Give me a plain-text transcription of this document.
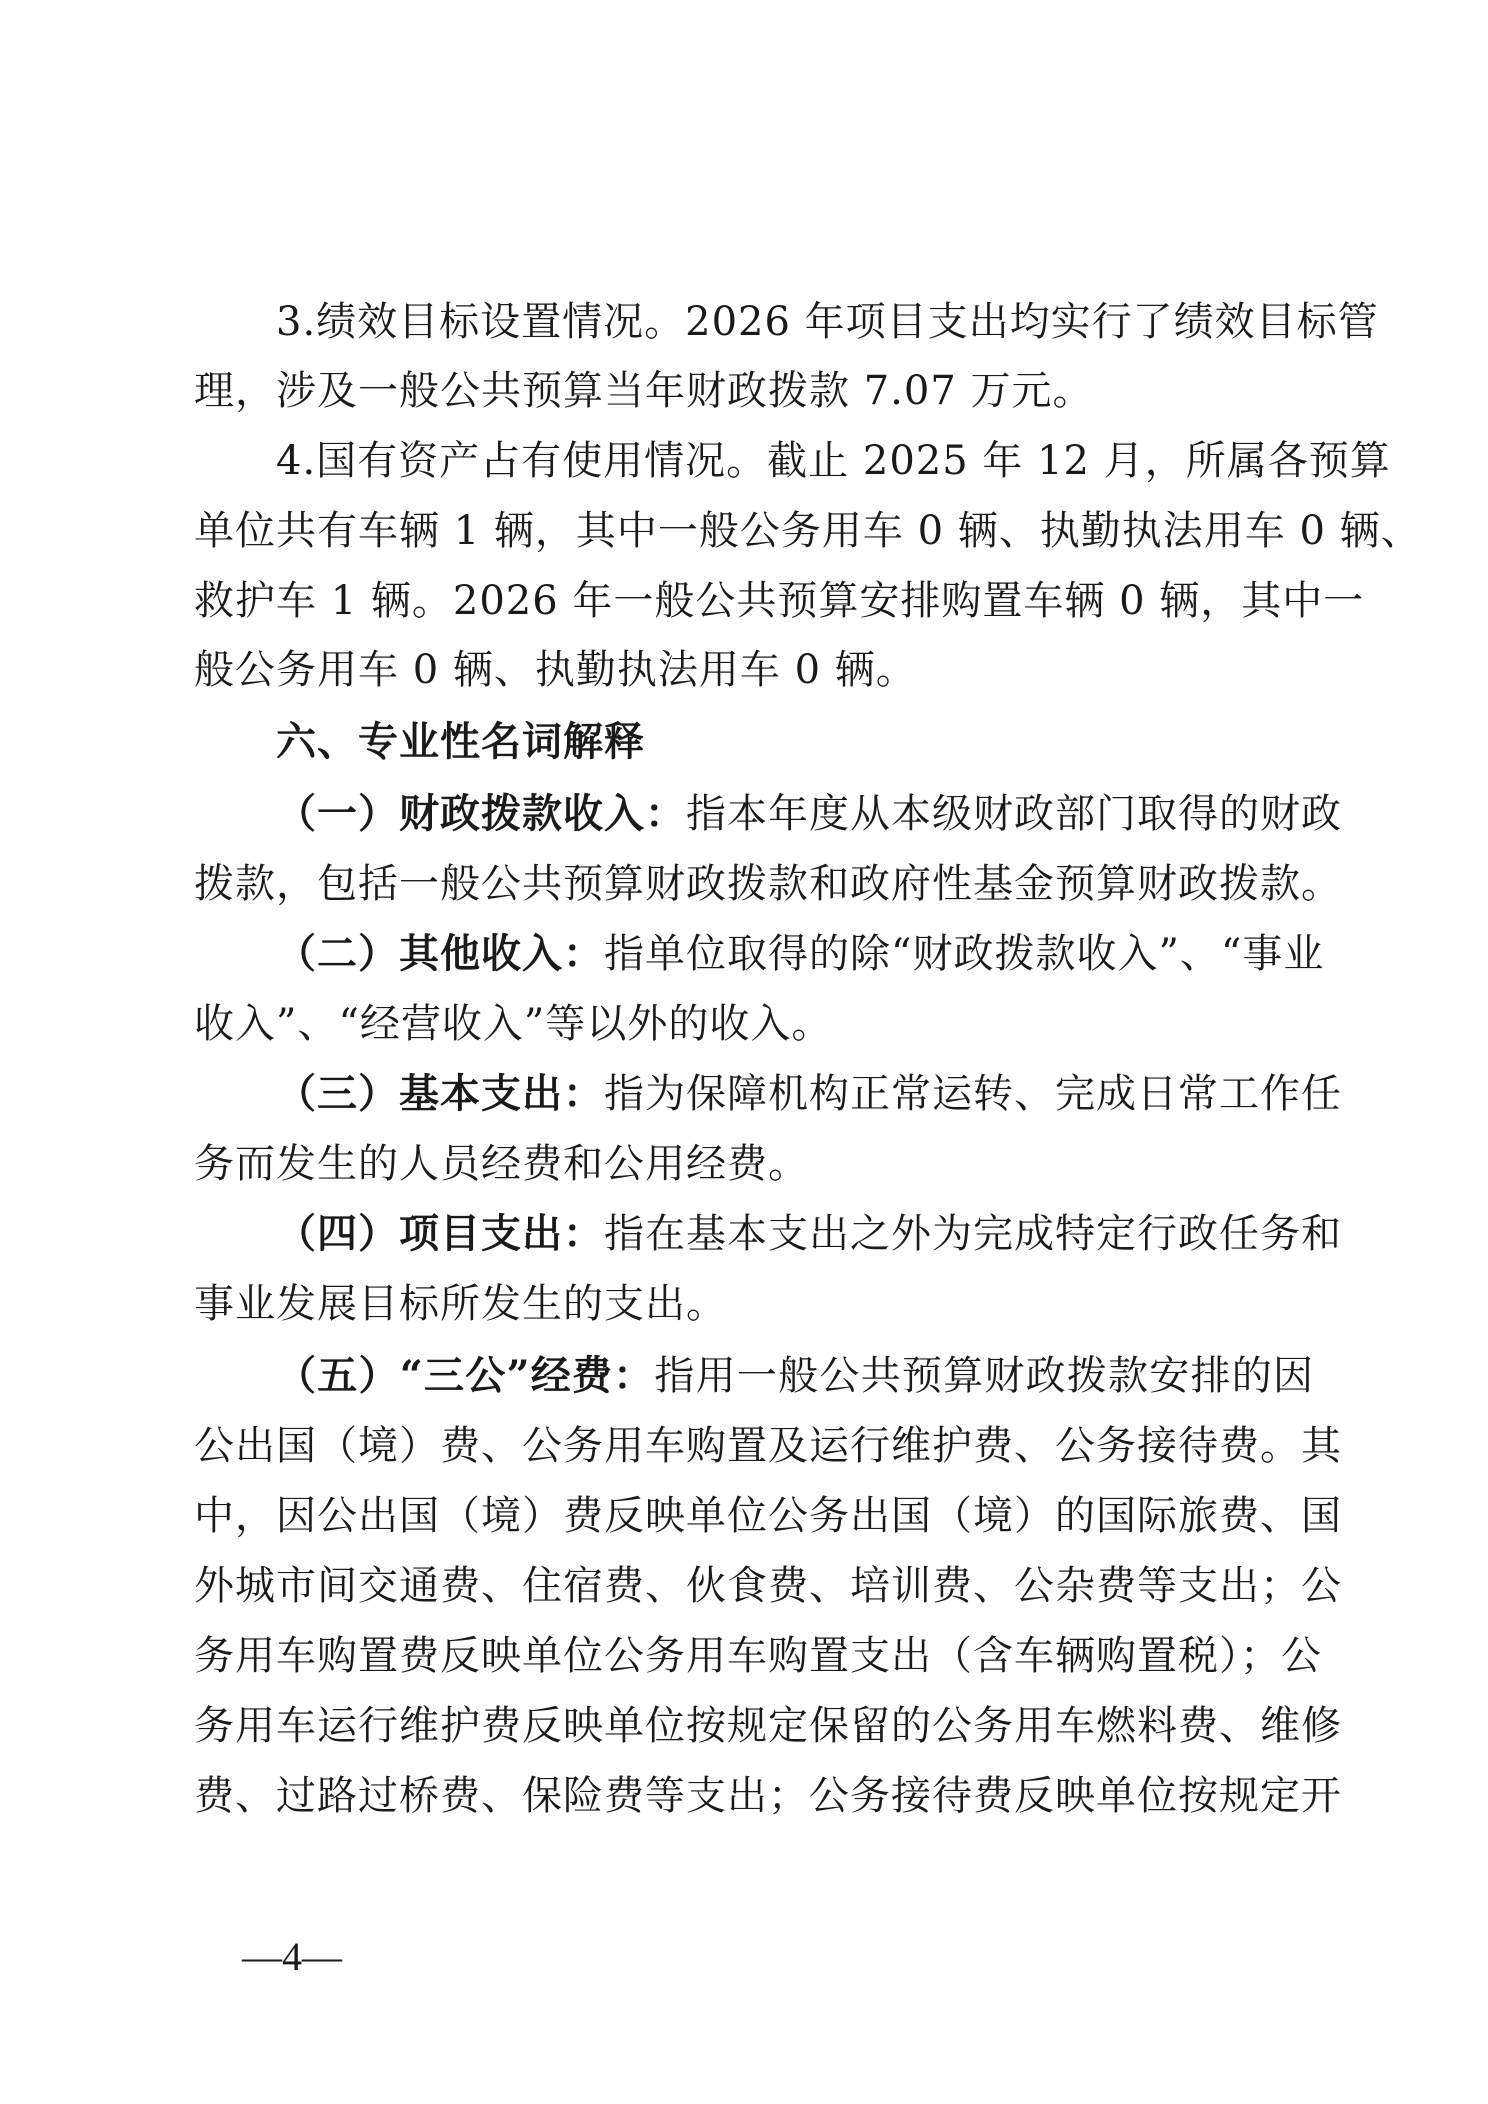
3.绩效目标设置情况。2026 年项目支出均实行了绩效目标管
理，涉及一般公共预算当年财政拨款 7.07 万元。
4.国有资产占有使用情况。截止 2025 年 12 月，所属各预算
单位共有车辆 1 辆，其中一般公务用车 0 辆、执勤执法用车 0 辆、
救护车 1 辆。2026 年一般公共预算安排购置车辆 0 辆，其中一
般公务用车 0 辆、执勤执法用车 0 辆。
六、专业性名词解释
（一）财政拨款收入：指本年度从本级财政部门取得的财政
拨款，包括一般公共预算财政拨款和政府性基金预算财政拨款。
（二）其他收入：指单位取得的除“财政拨款收入”、“事业
收入”、“经营收入”等以外的收入。
（三）基本支出：指为保障机构正常运转、完成日常工作任
务而发生的人员经费和公用经费。
（四）项目支出：指在基本支出之外为完成特定行政任务和
事业发展目标所发生的支出。
（五）“三公”经费：指用一般公共预算财政拨款安排的因
公出国（境）费、公务用车购置及运行维护费、公务接待费。其
中，因公出国（境）费反映单位公务出国（境）的国际旅费、国
外城市间交通费、住宿费、伙食费、培训费、公杂费等支出；公
务用车购置费反映单位公务用车购置支出（含车辆购置税）；公
务用车运行维护费反映单位按规定保留的公务用车燃料费、维修
费、过路过桥费、保险费等支出；公务接待费反映单位按规定开
—4—
